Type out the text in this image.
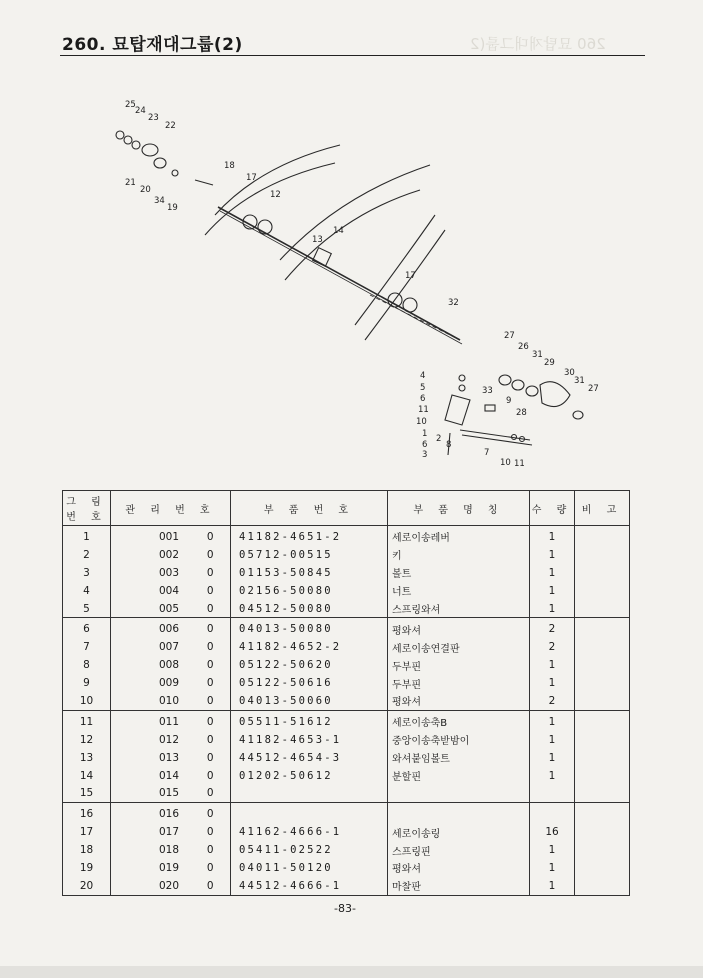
260 묘탑재대그룹(2
260. 묘탑재대그룹(2)
25
24
23
22
21
20
34
19
18
17
12
13
14
17
32
27
26
31
29
30
31
27
28
33
9
4
5
6
11
10
1 2
8
6
3	7
10 11
그 림 번 호	관 리 번 호		부 품 번 호	부 품 명 칭	수 량	비 고
1	001	0	41182-4651-2	세로이송레버	1	
2	002	0	05712-00515	키	1	
3	003	0	01153-50845	볼트	1	
4	004	0	02156-50080	너트	1	
5	005	0	04512-50080	스프링와셔	1	
6	006	0	04013-50080	평와셔	2	
7	007	0	41182-4652-2	세로이송연결판	2	
8	008	0	05122-50620	두부핀	1	
9	009	0	05122-50616	두부핀	1	
10	010	0	04013-50060	평와셔	2	
11	011	0	05511-51612	세로이송축B	1	
12	012	0	41182-4653-1	중앙이송축받밤이	1	
13	013	0	44512-4654-3	와셔붙임볼트	1	
14	014	0	01202-50612	분할핀	1	
15	015	0				
16	016	0				
17	017	0	41162-4666-1	세로이송링	16	
18	018	0	05411-02522	스프링핀	1	
19	019	0	04011-50120	평와셔	1	
20	020	0	44512-4666-1	마찰판	1	
-83-
